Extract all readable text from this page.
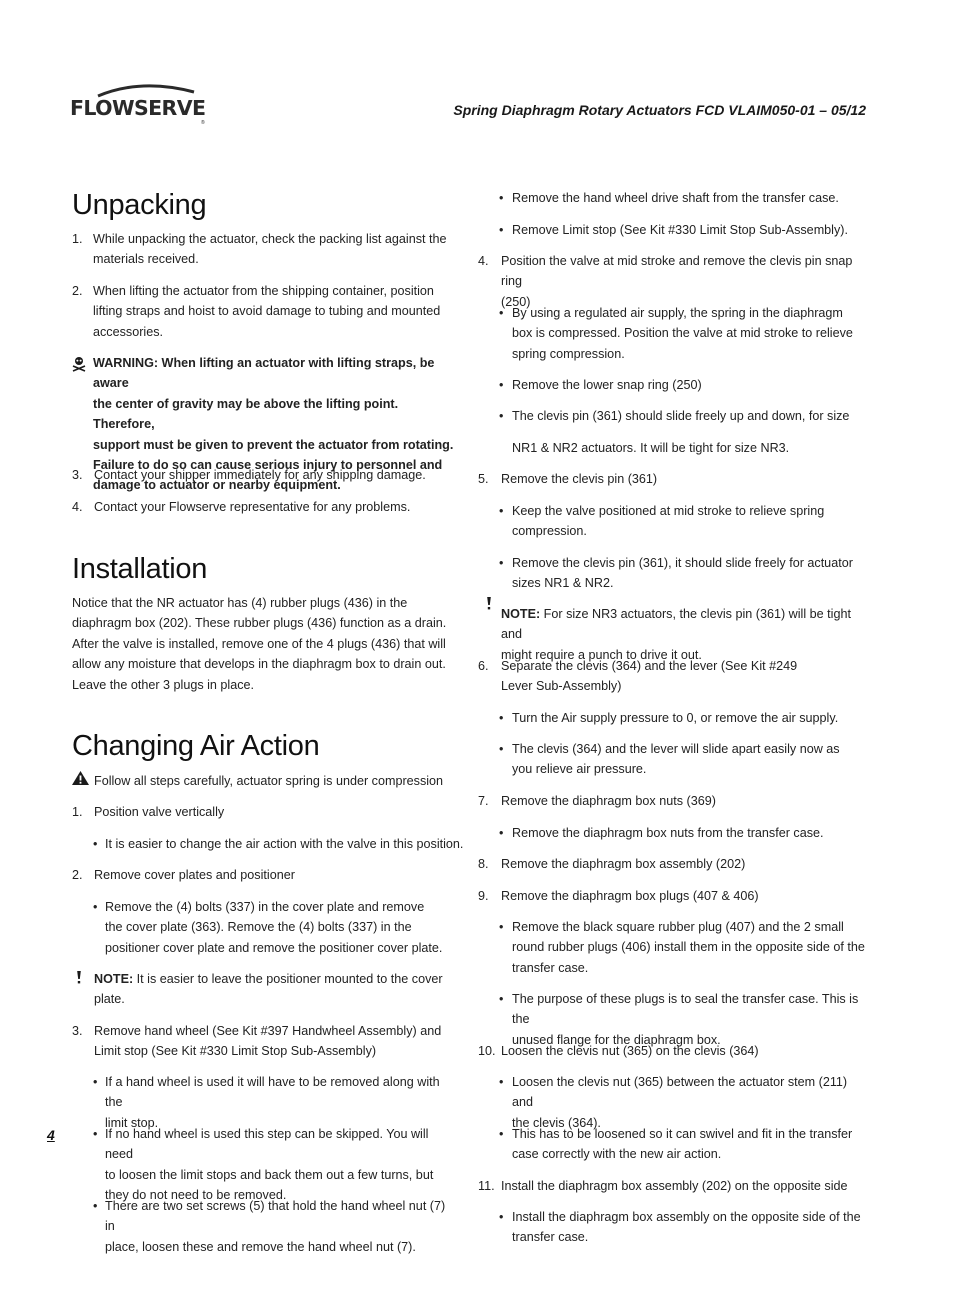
FLOWSERVE
®
Spring Diaphragm Rotary Actuators FCD VLAIM050-01 – 05/12
Unpacking
1. While unpacking the actuator, check the packing list against the
materials received.
2. When lifting the actuator from the shipping container, position
lifting straps and hoist to avoid damage to tubing and mounted
accessories.
WARNING: When lifting an actuator with lifting straps, be aware
the center of gravity may be above the lifting point. Therefore,
support must be given to prevent the actuator from rotating.
Failure to do so can cause serious injury to personnel and
damage to actuator or nearby equipment.
3. Contact your shipper immediately for any shipping damage.
4. Contact your Flowserve representative for any problems.
Installation
Notice that the NR actuator has (4) rubber plugs (436) in the
diaphragm box (202). These rubber plugs (436) function as a drain.
After the valve is installed, remove one of the 4 plugs (436) that will
allow any moisture that develops in the diaphragm box to drain out.
Leave the other 3 plugs in place.
Changing Air Action
Follow all steps carefully, actuator spring is under compression
1. Position valve vertically
• It is easier to change the air action with the valve in this position.
2. Remove cover plates and positioner
• Remove the (4) bolts (337) in the cover plate and remove
the cover plate (363). Remove the (4) bolts (337) in the
positioner cover plate and remove the positioner cover plate.
NOTE: It is easier to leave the positioner mounted to the cover
plate.
3. Remove hand wheel (See Kit #397 Handwheel Assembly) and
Limit stop (See Kit #330 Limit Stop Sub-Assembly)
• If a hand wheel is used it will have to be removed along with the
limit stop.
• If no hand wheel is used this step can be skipped. You will need
to loosen the limit stops and back them out a few turns, but
they do not need to be removed.
• There are two set screws (5) that hold the hand wheel nut (7) in
place, loosen these and remove the hand wheel nut (7).
• Remove the hand wheel drive shaft from the transfer case.
• Remove Limit stop (See Kit #330 Limit Stop Sub-Assembly).
4. Position the valve at mid stroke and remove the clevis pin snap ring
(250)
• By using a regulated air supply, the spring in the diaphragm
box is compressed. Position the valve at mid stroke to relieve
spring compression.
• Remove the lower snap ring (250)
• The clevis pin (361) should slide freely up and down, for size
NR1 & NR2 actuators. It will be tight for size NR3.
5. Remove the clevis pin (361)
• Keep the valve positioned at mid stroke to relieve spring
compression.
• Remove the clevis pin (361), it should slide freely for actuator
sizes NR1 & NR2.
NOTE: For size NR3 actuators, the clevis pin (361) will be tight and
might require a punch to drive it out.
6. Separate the clevis (364) and the lever (See Kit #249
Lever Sub-Assembly)
• Turn the Air supply pressure to 0, or remove the air supply.
• The clevis (364) and the lever will slide apart easily now as
you relieve air pressure.
7. Remove the diaphragm box nuts (369)
• Remove the diaphragm box nuts from the transfer case.
8. Remove the diaphragm box assembly (202)
9. Remove the diaphragm box plugs (407 & 406)
• Remove the black square rubber plug (407) and the 2 small
round rubber plugs (406) install them in the opposite side of the
transfer case.
• The purpose of these plugs is to seal the transfer case. This is the
unused flange for the diaphragm box.
10. Loosen the clevis nut (365) on the clevis (364)
• Loosen the clevis nut (365) between the actuator stem (211) and
the clevis (364).
• This has to be loosened so it can swivel and fit in the transfer
case correctly with the new air action.
11. Install the diaphragm box assembly (202) on the opposite side
• Install the diaphragm box assembly on the opposite side of the
transfer case.
4
